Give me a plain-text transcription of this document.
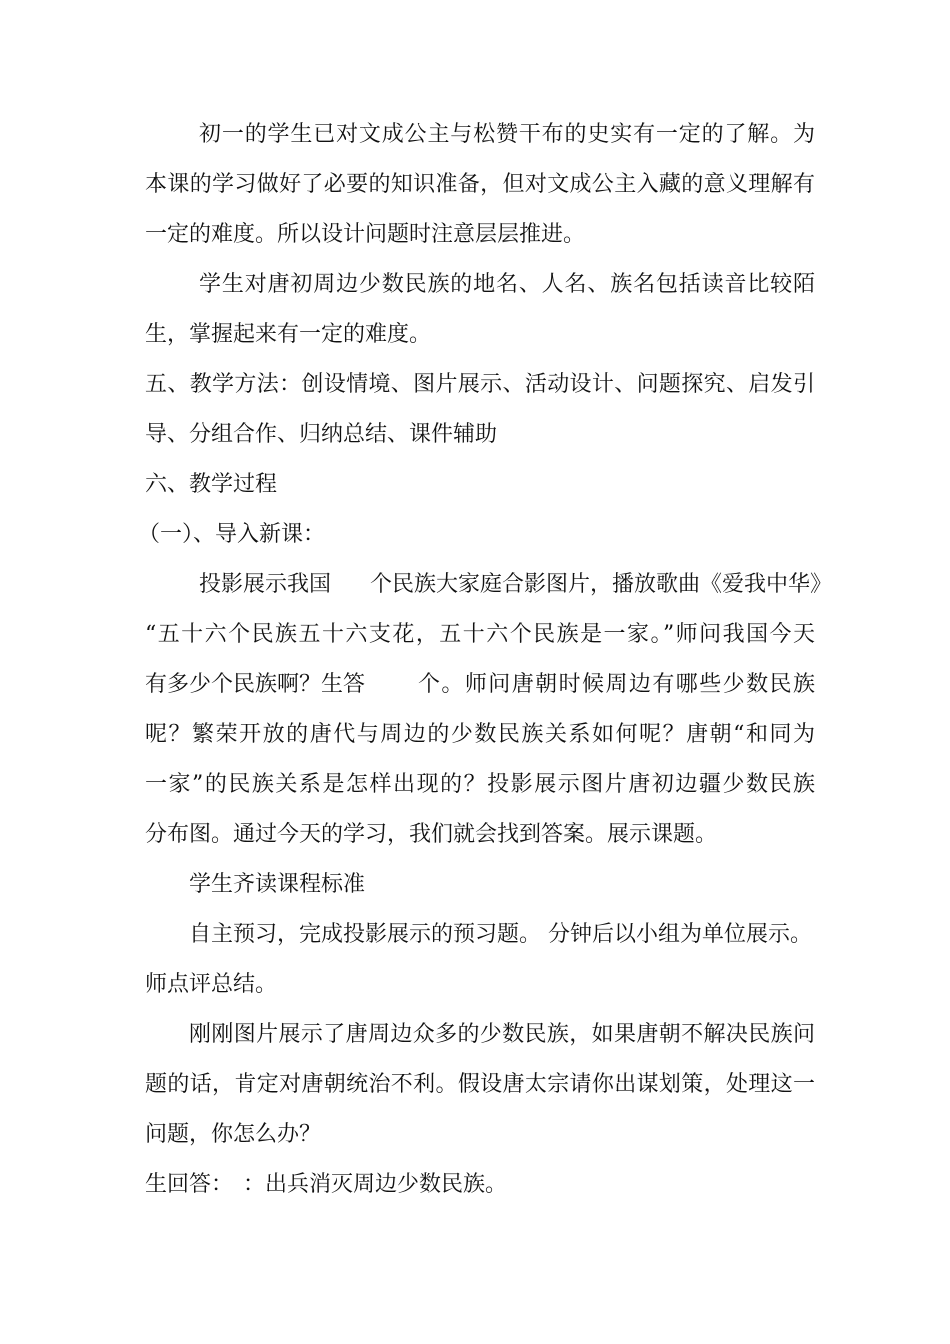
初一的学生已对文成公主与松赞干布的史实有一定的了解。为
本课的学习做好了必要的知识准备，但对文成公主入藏的意义理解有
一定的难度。所以设计问题时注意层层推进。
学生对唐初周边少数民族的地名、人名、族名包括读音比较陌
生，掌握起来有一定的难度。
五、教学方法：创设情境、图片展示、活动设计、问题探究、启发引
导、分组合作、归纳总结、课件辅助
六、教学过程
（一）、导入新课：
投影展示我国 个民族大家庭合影图片，播放歌曲《爱我中华》
“五十六个民族五十六支花，五十六个民族是一家。”师问我国今天
有多少个民族啊？生答 个。师问唐朝时候周边有哪些少数民族
呢？繁荣开放的唐代与周边的少数民族关系如何呢？唐朝“和同为
一家”的民族关系是怎样出现的？投影展示图片唐初边疆少数民族
分布图。通过今天的学习，我们就会找到答案。展示课题。
学生齐读课程标准
自主预习，完成投影展示的预习题。 分钟后以小组为单位展示。
师点评总结。
刚刚图片展示了唐周边众多的少数民族，如果唐朝不解决民族问
题的话，肯定对唐朝统治不利。假设唐太宗请你出谋划策，处理这一
问题，你怎么办？
生回答： ：出兵消灭周边少数民族。
